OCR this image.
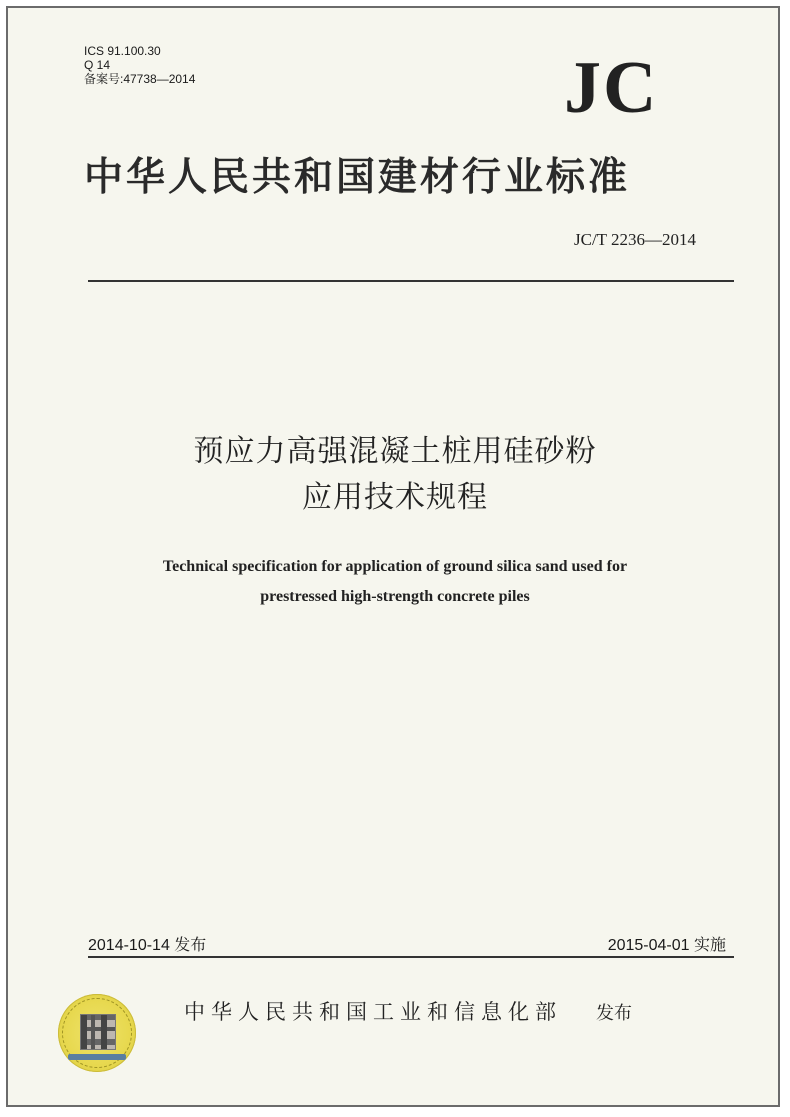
ICS 91.100.30
Q 14
备案号:47738—2014	JC
中华人民共和国建材行业标准
JC/T 2236—2014
预应力高强混凝土桩用硅砂粉
应用技术规程
Technical specification for application of ground silica sand used for
prestressed high-strength concrete piles
2014-10-14 发布	2015-04-01 实施
中华人民共和国工业和信息化部 发布
